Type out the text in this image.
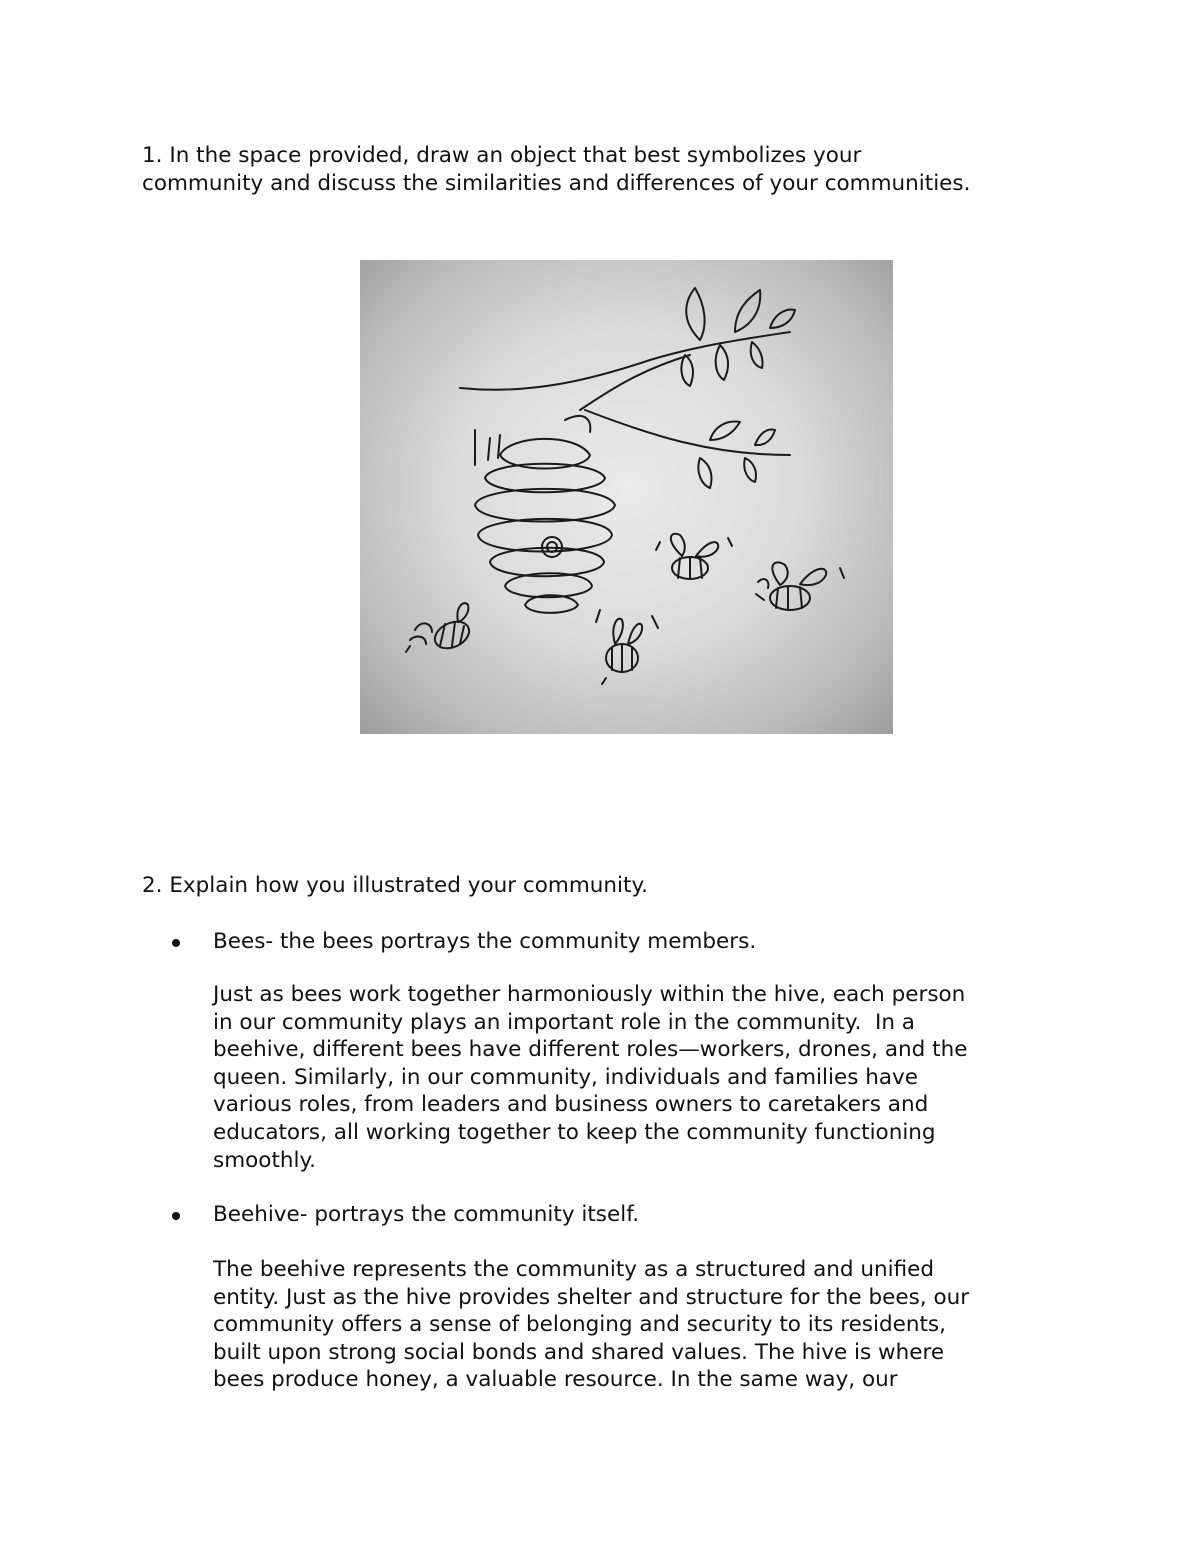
1. In the space provided, draw an object that best symbolizes your
community and discuss the similarities and differences of your communities.
2. Explain how you illustrated your community.
Bees- the bees portrays the community members.
Just as bees work together harmoniously within the hive, each person
in our community plays an important role in the community.  In a
beehive, different bees have different roles—workers, drones, and the
queen. Similarly, in our community, individuals and families have
various roles, from leaders and business owners to caretakers and
educators, all working together to keep the community functioning
smoothly.
Beehive- portrays the community itself.
The beehive represents the community as a structured and unified
entity. Just as the hive provides shelter and structure for the bees, our
community offers a sense of belonging and security to its residents,
built upon strong social bonds and shared values. The hive is where
bees produce honey, a valuable resource. In the same way, our
